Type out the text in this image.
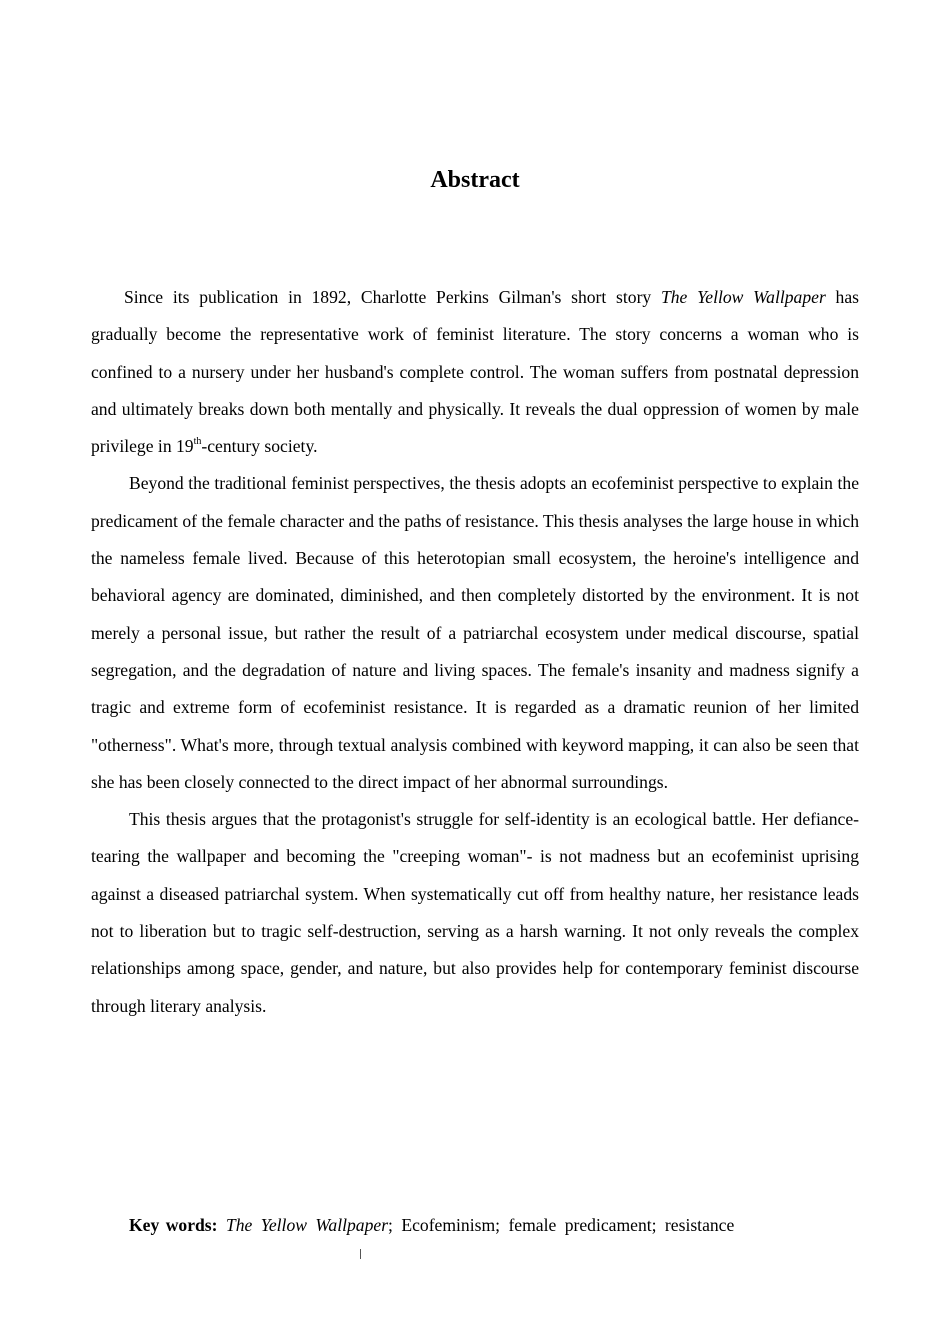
Abstract

Since its publication in 1892, Charlotte Perkins Gilman's short story The Yellow Wallpaper has gradually become the representative work of feminist literature. The story concerns a woman who is confined to a nursery under her husband's complete control. The woman suffers from postnatal depression and ultimately breaks down both mentally and physically. It reveals the dual oppression of women by male privilege in 19th-century society.

Beyond the traditional feminist perspectives, the thesis adopts an ecofeminist perspective to explain the predicament of the female character and the paths of resistance. This thesis analyses the large house in which the nameless female lived. Because of this heterotopian small ecosystem, the heroine's intelligence and behavioral agency are dominated, diminished, and then completely distorted by the environment. It is not merely a personal issue, but rather the result of a patriarchal ecosystem under medical discourse, spatial segregation, and the degradation of nature and living spaces. The female's insanity and madness signify a tragic and extreme form of ecofeminist resistance. It is regarded as a dramatic reunion of her limited "otherness". What's more, through textual analysis combined with keyword mapping, it can also be seen that she has been closely connected to the direct impact of her abnormal surroundings.

This thesis argues that the protagonist's struggle for self-identity is an ecological battle. Her defiance- tearing the wallpaper and becoming the "creeping woman"- is not madness but an ecofeminist uprising against a diseased patriarchal system. When systematically cut off from healthy nature, her resistance leads not to liberation but to tragic self-destruction, serving as a harsh warning. It not only reveals the complex relationships among space, gender, and nature, but also provides help for contemporary feminist discourse through literary analysis.

Key words: The Yellow Wallpaper; Ecofeminism; female predicament; resistance
